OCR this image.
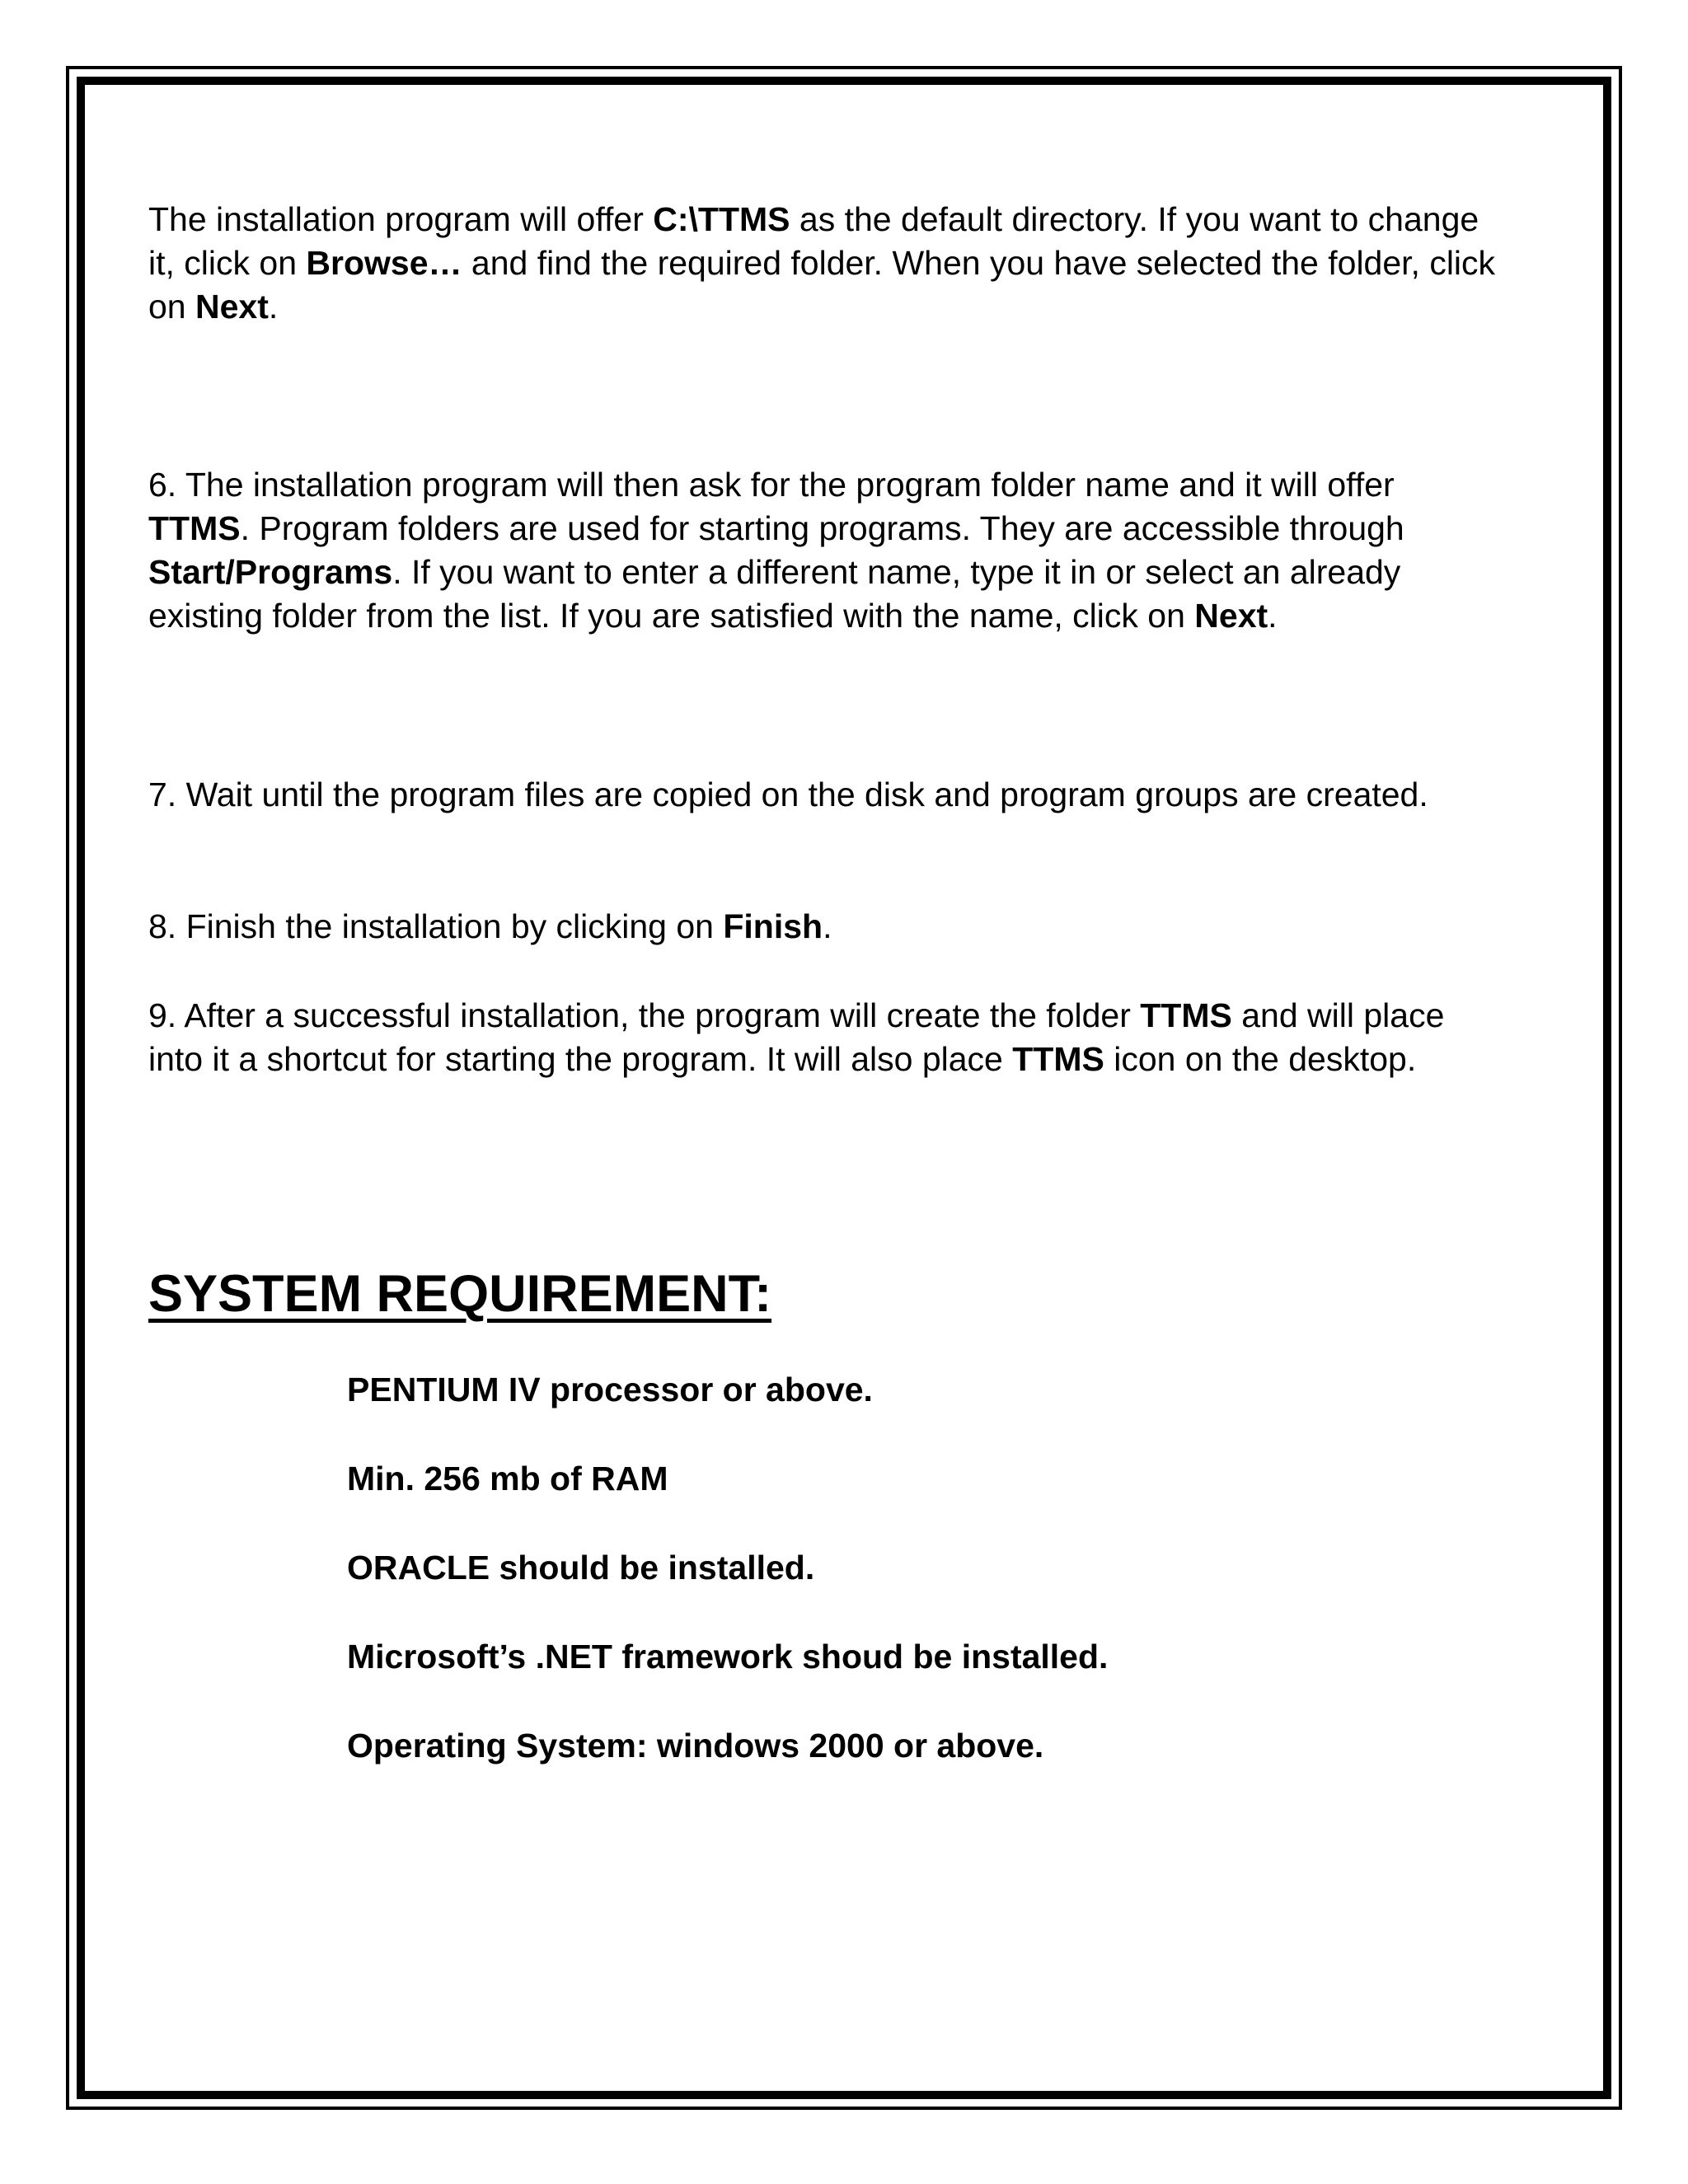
The installation program will offer C:\TTMS as the default directory. If you want to change it, click on Browse… and find the required folder. When you have selected the folder, click on Next.

6. The installation program will then ask for the program folder name and it will offer TTMS. Program folders are used for starting programs. They are accessible through Start/Programs. If you want to enter a different name, type it in or select an already existing folder from the list. If you are satisfied with the name, click on Next.

7. Wait until the program files are copied on the disk and program groups are created.

8. Finish the installation by clicking on Finish.

9. After a successful installation, the program will create the folder TTMS and will place into it a shortcut for starting the program. It will also place TTMS icon on the desktop.

SYSTEM REQUIREMENT:
PENTIUM IV processor or above.
Min. 256 mb of RAM
ORACLE should be installed.
Microsoft’s .NET framework shoud be installed.
Operating System: windows 2000 or above.
